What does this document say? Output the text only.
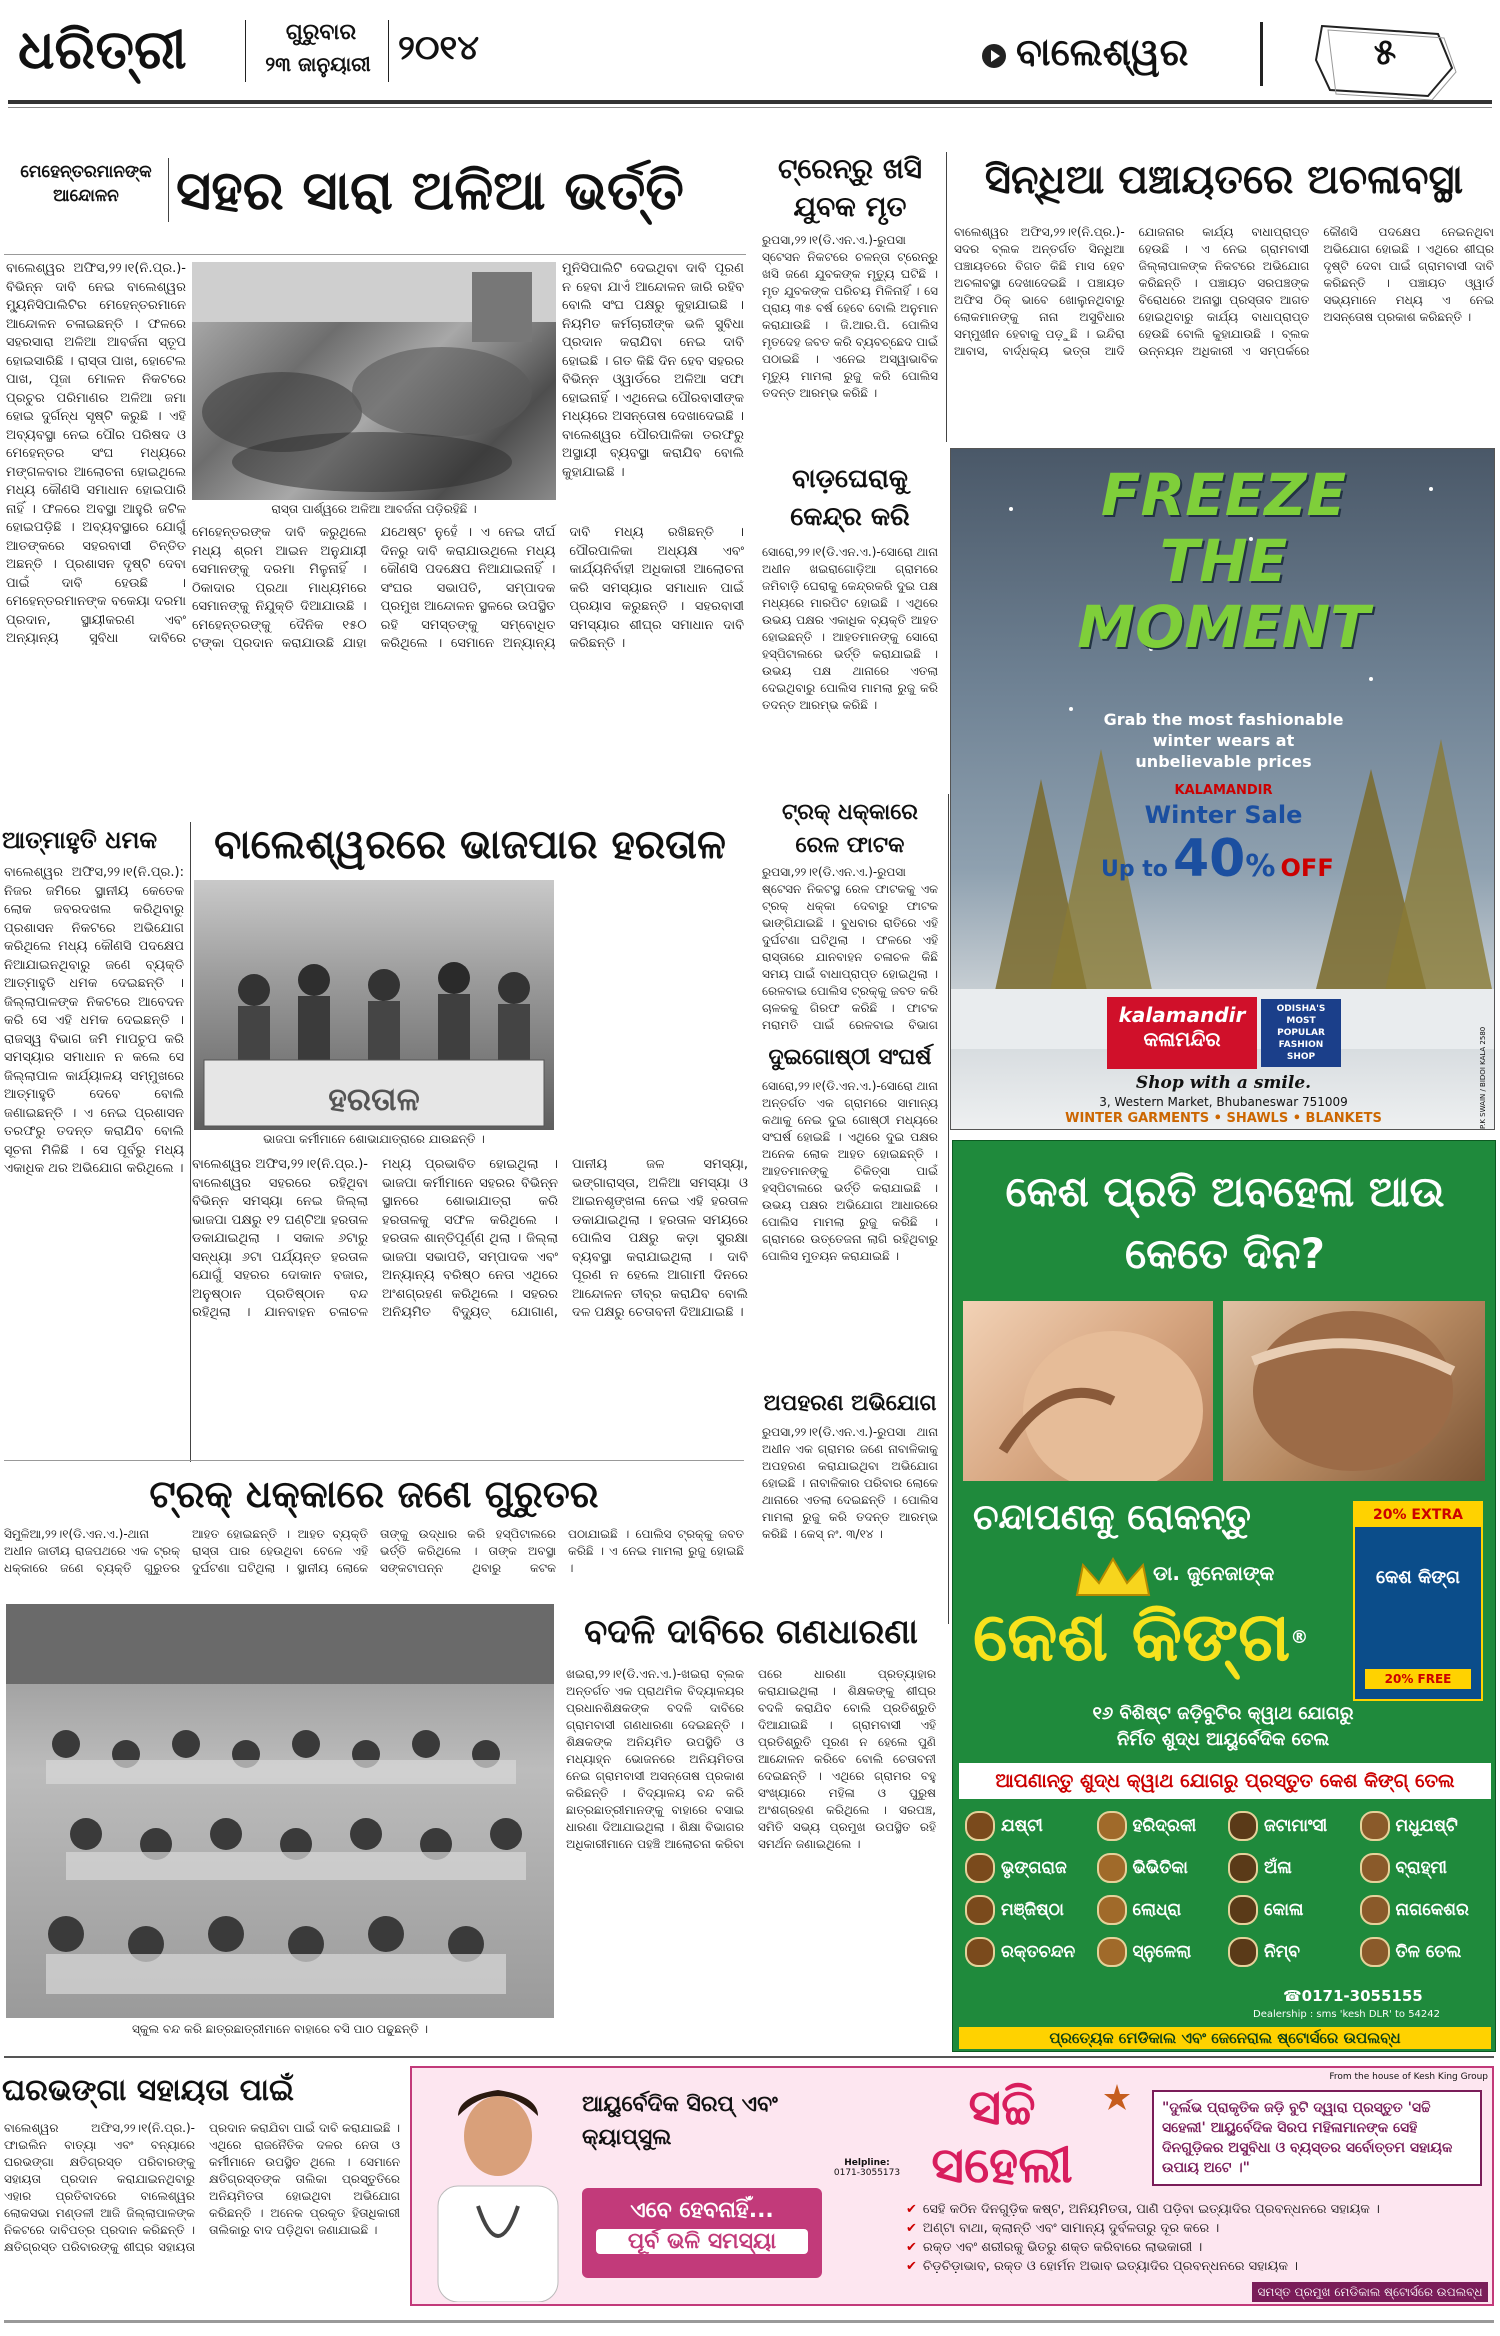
ଧରିତ୍ରୀ	ଗୁରୁବାର
୨୩ ଜାନୁୟାରୀ ୨୦୧୪	ବାଲେଶ୍ୱର	୫
ମେହେନ୍ତରମାନଙ୍କ ଆନ୍ଦୋଳନ	ସହର ସାରା ଅଳିଆ ଭର୍ତ୍ତି
ବାଲେଶ୍ୱର ଅଫିସ,୨୨।୧(ନି.ପ୍ର.)- ବିଭିନ୍ନ ଦାବି ନେଇ ବାଲେଶ୍ୱର ମ୍ୟୁନିସିପାଲିଟିର ମେହେନ୍ତରମାନେ ଆନ୍ଦୋଳନ ଚଳାଇଛନ୍ତି । ଫଳରେ ସହରସାରା ଅଳିଆ ଆବର୍ଜନା ସ୍ତୂପ ହୋଇସାରିଛି । ରାସ୍ତା ପାଖ, ହୋଟେଲ ପାଖ, ପୂଜା ମୋଳନ ନିକଟରେ ପ୍ରଚୁର ପରିମାଣର ଅଳିଆ ଜମା ହୋଇ ଦୁର୍ଗନ୍ଧ ସୃଷ୍ଟି କରୁଛି । ଏହି ଅବ୍ୟବସ୍ଥା ନେଇ ପୌର ପରିଷଦ ଓ ମେହେନ୍ତର ସଂଘ ମଧ୍ୟରେ ମଙ୍ଗଳବାର ଆଲୋଚନା ହୋଇଥିଲେ ମଧ୍ୟ କୌଣସି ସମାଧାନ ହୋଇପାରି ନାହିଁ । ଫଳରେ ଅବସ୍ଥା ଆହୁରି ଜଟିଳ ହୋଇପଡ଼ିଛି । ଅବ୍ୟବସ୍ଥାରେ ଯୋଗୁଁ ଆତଙ୍କରେ ସହରବାସୀ ଚିନ୍ତିତ ଅଛନ୍ତି । ପ୍ରଶାସନ ଦୃଷ୍ଟି ଦେବା ପାଇଁ ଦାବି ହେଉଛି । ମେହେନ୍ତରମାନଙ୍କ ବକେୟା ଦରମା ପ୍ରଦାନ, ସ୍ଥାୟୀକରଣ ଏବଂ ଅନ୍ୟାନ୍ୟ ସୁବିଧା ଦାବିରେ
ରାସ୍ତା ପାର୍ଶ୍ୱରେ ଅଳିଆ ଆବର୍ଜନା ପଡ଼ିରହିଛି ।
ମୁନିସିପାଲିଟି ଦେଇଥିବା ଦାବି ପୂରଣ ନ ହେବା ଯାଏଁ ଆନ୍ଦୋଳନ ଜାରି ରହିବ ବୋଲି ସଂଘ ପକ୍ଷରୁ କୁହାଯାଇଛି । ନିୟମିତ କର୍ମଚାରୀଙ୍କ ଭଳି ସୁବିଧା ପ୍ରଦାନ କରାଯିବା ନେଇ ଦାବି ହୋଇଛି । ଗତ କିଛି ଦିନ ହେବ ସହରର ବିଭିନ୍ନ ଓ୍ୱାର୍ଡରେ ଅଳିଆ ସଫା ହୋଇନାହିଁ । ଏଥିନେଇ ପୌରବାସୀଙ୍କ ମଧ୍ୟରେ ଅସନ୍ତୋଷ ଦେଖାଦେଇଛି । ବାଲେଶ୍ୱର ପୌରପାଳିକା ତରଫରୁ ଅସ୍ଥାୟୀ ବ୍ୟବସ୍ଥା କରାଯିବ ବୋଲି କୁହାଯାଇଛି ।
ମେହେନ୍ତରଙ୍କ ଦାବି କରୁଥିଲେ ମଧ୍ୟ ଶ୍ରମ ଆଇନ ଅନୁଯାୟୀ ସେମାନଙ୍କୁ ଦରମା ମିଳୁନାହିଁ । ଠିକାଦାର ପ୍ରଥା ମାଧ୍ୟମରେ ସେମାନଙ୍କୁ ନିଯୁକ୍ତି ଦିଆଯାଉଛି । ମେହେନ୍ତରଙ୍କୁ ଦୈନିକ ୧୫୦ ଟଙ୍କା ପ୍ରଦାନ କରାଯାଉଛି ଯାହା ଯଥେଷ୍ଟ ନୁହେଁ । ଏ ନେଇ ଦୀର୍ଘ ଦିନରୁ ଦାବି କରାଯାଉଥିଲେ ମଧ୍ୟ କୌଣସି ପଦକ୍ଷେପ ନିଆଯାଇନାହିଁ । ସଂଘର ସଭାପତି, ସମ୍ପାଦକ ପ୍ରମୁଖ ଆନ୍ଦୋଳନ ସ୍ଥଳରେ ଉପସ୍ଥିତ ରହି ସମସ୍ତଙ୍କୁ ସମ୍ବୋଧିତ କରିଥିଲେ । ସେମାନେ ଅନ୍ୟାନ୍ୟ ଦାବି ମଧ୍ୟ ରଖିଛନ୍ତି । ପୌରପାଳିକା ଅଧ୍ୟକ୍ଷ ଏବଂ କାର୍ଯ୍ୟନିର୍ବାହୀ ଅଧିକାରୀ ଆଲୋଚନା କରି ସମସ୍ୟାର ସମାଧାନ ପାଇଁ ପ୍ରୟାସ କରୁଛନ୍ତି । ସହରବାସୀ ସମସ୍ୟାର ଶୀଘ୍ର ସମାଧାନ ଦାବି କରିଛନ୍ତି ।
ଟ୍ରେନ୍‌ରୁ ଖସି ଯୁବକ ମୃତ
ରୁପସା,୨୨।୧(ଡି.ଏନ.ଏ.)-ରୁପସା ସ୍ଟେସନ ନିକଟରେ ଚଳନ୍ତା ଟ୍ରେନ୍‌ରୁ ଖସି ଜଣେ ଯୁବକଙ୍କ ମୃତ୍ୟୁ ଘଟିଛି । ମୃତ ଯୁବକଙ୍କ ପରିଚୟ ମିଳିନାହିଁ । ସେ ପ୍ରାୟ ୩୫ ବର୍ଷ ହେବେ ବୋଲି ଅନୁମାନ କରାଯାଉଛି । ଜି.ଆର.ପି. ପୋଲିସ ମୃତଦେହ ଜବତ କରି ବ୍ୟବଚ୍ଛେଦ ପାଇଁ ପଠାଇଛି । ଏନେଇ ଅସ୍ୱାଭାବିକ ମୃତ୍ୟୁ ମାମଲା ରୁଜୁ କରି ପୋଲିସ ତଦନ୍ତ ଆରମ୍ଭ କରିଛି ।
ସିନ୍ଧିଆ ପଞ୍ଚାୟତରେ ଅଚଳାବସ୍ଥା
ବାଲେଶ୍ୱର ଅଫିସ,୨୨।୧(ନି.ପ୍ର.)- ସଦର ବ୍ଲକ ଅନ୍ତର୍ଗତ ସିନ୍ଧିଆ ପଞ୍ଚାୟତରେ ବିଗତ କିଛି ମାସ ହେବ ଅଚଳାବସ୍ଥା ଦେଖାଦେଇଛି । ପଞ୍ଚାୟତ ଅଫିସ ଠିକ୍ ଭାବେ ଖୋଲୁନଥିବାରୁ ଲୋକମାନଙ୍କୁ ନାନା ଅସୁବିଧାର ସମ୍ମୁଖୀନ ହେବାକୁ ପଡ଼ୁଛି । ଇନ୍ଦିରା ଆବାସ, ବାର୍ଦ୍ଧକ୍ୟ ଭତ୍ତା ଆଦି ଯୋଜନାର କାର୍ଯ୍ୟ ବାଧାପ୍ରାପ୍ତ ହେଉଛି । ଏ ନେଇ ଗ୍ରାମବାସୀ ଜିଲ୍ଲାପାଳଙ୍କ ନିକଟରେ ଅଭିଯୋଗ କରିଛନ୍ତି । ପଞ୍ଚାୟତ ସରପଞ୍ଚଙ୍କ ବିରୋଧରେ ଅନାସ୍ଥା ପ୍ରସ୍ତାବ ଆଗତ ହୋଇଥିବାରୁ କାର୍ଯ୍ୟ ବାଧାପ୍ରାପ୍ତ ହେଉଛି ବୋଲି କୁହାଯାଉଛି । ବ୍ଲକ ଉନ୍ନୟନ ଅଧିକାରୀ ଏ ସମ୍ପର୍କରେ କୌଣସି ପଦକ୍ଷେପ ନେଇନଥିବା ଅଭିଯୋଗ ହୋଇଛି । ଏଥିରେ ଶୀଘ୍ର ଦୃଷ୍ଟି ଦେବା ପାଇଁ ଗ୍ରାମବାସୀ ଦାବି କରିଛନ୍ତି । ପଞ୍ଚାୟତ ଓ୍ୱାର୍ଡ ସଭ୍ୟମାନେ ମଧ୍ୟ ଏ ନେଇ ଅସନ୍ତୋଷ ପ୍ରକାଶ କରିଛନ୍ତି ।
ବାଡ଼ଘେରାକୁ କେନ୍ଦ୍ର କରି
ସୋରୋ,୨୨।୧(ଡି.ଏନ.ଏ.)-ସୋରୋ ଥାନା ଅଧୀନ ଖଇରାଗୋଡ଼ିଆ ଗ୍ରାମରେ ଜମିବାଡ଼ି ଘେରାକୁ କେନ୍ଦ୍ରକରି ଦୁଇ ପକ୍ଷ ମଧ୍ୟରେ ମାରପିଟ ହୋଇଛି । ଏଥିରେ ଉଭୟ ପକ୍ଷର ଏକାଧିକ ବ୍ୟକ୍ତି ଆହତ ହୋଇଛନ୍ତି । ଆହତମାନଙ୍କୁ ସୋରୋ ହସ୍ପିଟାଲରେ ଭର୍ତ୍ତି କରାଯାଇଛି । ଉଭୟ ପକ୍ଷ ଥାନାରେ ଏତଲା ଦେଇଥିବାରୁ ପୋଲିସ ମାମଲା ରୁଜୁ କରି ତଦନ୍ତ ଆରମ୍ଭ କରିଛି ।
FREEZE
THE
MOMENT
Grab the most fashionable winter wears at unbelievable prices
KALAMANDIR
Winter Sale
Up to 40% OFF
kalamandir
କଳାମନ୍ଦିର
ODISHA'S MOST POPULAR FASHION SHOP
Shop with a smile.
3, Western Market, Bhubaneswar 751009
WINTER GARMENTS • SHAWLS • BLANKETS	P.K SWAIN / BIDOI KALA 2580
ଆତ୍ମାହୁତି ଧମକ
ବାଲେଶ୍ୱର ଅଫିସ,୨୨।୧(ନି.ପ୍ର.): ନିଜର ଜମିରେ ସ୍ଥାନୀୟ କେତେକ ଲୋକ ଜବରଦଖଲ କରିଥିବାରୁ ପ୍ରଶାସନ ନିକଟରେ ଅଭିଯୋଗ କରିଥିଲେ ମଧ୍ୟ କୌଣସି ପଦକ୍ଷେପ ନିଆଯାଇନଥିବାରୁ ଜଣେ ବ୍ୟକ୍ତି ଆତ୍ମାହୁତି ଧମକ ଦେଇଛନ୍ତି । ଜିଲ୍ଲାପାଳଙ୍କ ନିକଟରେ ଆବେଦନ କରି ସେ ଏହି ଧମକ ଦେଇଛନ୍ତି । ରାଜସ୍ୱ ବିଭାଗ ଜମି ମାପଚୁପ କରି ସମସ୍ୟାର ସମାଧାନ ନ କଲେ ସେ ଜିଲ୍ଲାପାଳ କାର୍ଯ୍ୟାଳୟ ସମ୍ମୁଖରେ ଆତ୍ମାହୁତି ଦେବେ ବୋଲି ଜଣାଇଛନ୍ତି । ଏ ନେଇ ପ୍ରଶାସନ ତରଫରୁ ତଦନ୍ତ କରାଯିବ ବୋଲି ସୂଚନା ମିଳିଛି । ସେ ପୂର୍ବରୁ ମଧ୍ୟ ଏକାଧିକ ଥର ଅଭିଯୋଗ କରିଥିଲେ ।
ବାଲେଶ୍ୱରରେ ଭାଜପାର ହରତାଳ
ହରତାଳ
ଭାଜପା କର୍ମୀମାନେ ଶୋଭାଯାତ୍ରାରେ ଯାଉଛନ୍ତି ।
ବାଲେଶ୍ୱର ଅଫିସ,୨୨।୧(ନି.ପ୍ର.)- ବାଲେଶ୍ୱର ସହରରେ ରହିଥିବା ବିଭିନ୍ନ ସମସ୍ୟା ନେଇ ଜିଲ୍ଲା ଭାଜପା ପକ୍ଷରୁ ୧୨ ଘଣ୍ଟିଆ ହରତାଳ ଡକାଯାଇଥିଲା । ସକାଳ ୬ଟାରୁ ସନ୍ଧ୍ୟା ୬ଟା ପର୍ଯ୍ୟନ୍ତ ହରତାଳ ଯୋଗୁଁ ସହରର ଦୋକାନ ବଜାର, ଅନୁଷ୍ଠାନ ପ୍ରତିଷ୍ଠାନ ବନ୍ଦ ରହିଥିଲା । ଯାନବାହନ ଚଳାଚଳ ମଧ୍ୟ ପ୍ରଭାବିତ ହୋଇଥିଲା । ଭାଜପା କର୍ମୀମାନେ ସହରର ବିଭିନ୍ନ ସ୍ଥାନରେ ଶୋଭାଯାତ୍ରା କରି ହରତାଳକୁ ସଫଳ କରିଥିଲେ । ହରତାଳ ଶାନ୍ତିପୂର୍ଣ୍ଣ ଥିଲା । ଜିଲ୍ଲା ଭାଜପା ସଭାପତି, ସମ୍ପାଦକ ଏବଂ ଅନ୍ୟାନ୍ୟ ବରିଷ୍ଠ ନେତା ଏଥିରେ ଅଂଶଗ୍ରହଣ କରିଥିଲେ । ସହରର ଅନିୟମିତ ବିଦ୍ୟୁତ୍ ଯୋଗାଣ, ପାନୀୟ ଜଳ ସମସ୍ୟା, ଭଙ୍ଗାରାସ୍ତା, ଅଳିଆ ସମସ୍ୟା ଓ ଆଇନଶୃଙ୍ଖଳା ନେଇ ଏହି ହରତାଳ ଡକାଯାଇଥିଲା । ହରତାଳ ସମୟରେ ପୋଲିସ ପକ୍ଷରୁ କଡ଼ା ସୁରକ୍ଷା ବ୍ୟବସ୍ଥା କରାଯାଇଥିଲା । ଦାବି ପୂରଣ ନ ହେଲେ ଆଗାମୀ ଦିନରେ ଆନ୍ଦୋଳନ ତୀବ୍ର କରାଯିବ ବୋଲି ଦଳ ପକ୍ଷରୁ ଚେତାବନୀ ଦିଆଯାଇଛି ।
ଟ୍ରକ୍ ଧକ୍କାରେ ରେଳ ଫାଟକ
ରୁପସା,୨୨।୧(ଡି.ଏନ.ଏ.)-ରୁପସା ଷ୍ଟେସନ ନିକଟସ୍ଥ ରେଳ ଫାଟକକୁ ଏକ ଟ୍ରକ୍ ଧକ୍କା ଦେବାରୁ ଫାଟକ ଭାଙ୍ଗିଯାଇଛି । ବୁଧବାର ରାତିରେ ଏହି ଦୁର୍ଘଟଣା ଘଟିଥିଲା । ଫଳରେ ଏହି ରାସ୍ତାରେ ଯାନବାହନ ଚଳାଚଳ କିଛି ସମୟ ପାଇଁ ବାଧାପ୍ରାପ୍ତ ହୋଇଥିଲା । ରେଳବାଇ ପୋଲିସ ଟ୍ରକ୍‌କୁ ଜବତ କରି ଚାଳକକୁ ଗିରଫ କରିଛି । ଫାଟକ ମରାମତି ପାଇଁ ରେଳବାଇ ବିଭାଗ
ଦୁଇଗୋଷ୍ଠୀ ସଂଘର୍ଷ
ସୋରୋ,୨୨।୧(ଡି.ଏନ.ଏ.)-ସୋରୋ ଥାନା ଅନ୍ତର୍ଗତ ଏକ ଗ୍ରାମରେ ସାମାନ୍ୟ କଥାକୁ ନେଇ ଦୁଇ ଗୋଷ୍ଠୀ ମଧ୍ୟରେ ସଂଘର୍ଷ ହୋଇଛି । ଏଥିରେ ଦୁଇ ପକ୍ଷର ଅନେକ ଲୋକ ଆହତ ହୋଇଛନ୍ତି । ଆହତମାନଙ୍କୁ ଚିକିତ୍ସା ପାଇଁ ହସ୍ପିଟାଲରେ ଭର୍ତ୍ତି କରାଯାଇଛି । ଉଭୟ ପକ୍ଷର ଅଭିଯୋଗ ଆଧାରରେ ପୋଲିସ ମାମଲା ରୁଜୁ କରିଛି । ଗ୍ରାମରେ ଉତ୍ତେଜନା ଲାଗି ରହିଥିବାରୁ ପୋଲିସ ମୁତୟନ କରାଯାଇଛି ।
ଅପହରଣ ଅଭିଯୋଗ
ରୁପସା,୨୨।୧(ଡି.ଏନ.ଏ.)-ରୁପସା ଥାନା ଅଧୀନ ଏକ ଗ୍ରାମର ଜଣେ ନାବାଳିକାକୁ ଅପହରଣ କରାଯାଇଥିବା ଅଭିଯୋଗ ହୋଇଛି । ନାବାଳିକାର ପରିବାର ଲୋକେ ଥାନାରେ ଏତଲା ଦେଇଛନ୍ତି । ପୋଲିସ ମାମଲା ରୁଜୁ କରି ତଦନ୍ତ ଆରମ୍ଭ କରିଛି । କେସ୍ ନଂ. ୩/୧୪ ।
କେଶ ପ୍ରତି ଅବହେଳା ଆଉ କେତେ ଦିନ?
ଚନ୍ଦାପଣକୁ ରୋକନ୍ତୁ
ଡା. ଜୁନେଜାଙ୍କ
କେଶ କିଙ୍ଗ®
20% EXTRA
କେଶ କିଙ୍ଗ
20% FREE
୧୬ ବିଶିଷ୍ଟ ଜଡ଼ିବୁଟିର କ୍ୱାଥ ଯୋଗରୁ
ନିର୍ମିତ ଶୁଦ୍ଧ ଆୟୁର୍ବେଦିକ ତେଲ
ଆପଣାନ୍ତୁ ଶୁଦ୍ଧ କ୍ୱାଥ ଯୋଗରୁ ପ୍ରସ୍ତୁତ କେଶ କିଙ୍ଗ୍ ତେଲ
ଯଷ୍ଟୀ	ହରିଦ୍ରକୀ	ଜଟାମାଂସୀ	ମଧୁଯଷ୍ଟି
ଭୃଙ୍ଗରାଜ	ଭିଭିତିକା	ଅଁଳା	ବ୍ରାହ୍ମୀ
ମଞ୍ଜିଷ୍ଠା	ଲୋଧ୍ରା	କୋଳା	ନାଗକେଶର
ରକ୍ତଚନ୍ଦନ	ସ୍ନୁଳେଲା	ନିମ୍ବ	ତିଳ ତେଲ
☎0171-3055155
Dealership : sms 'kesh DLR' to 54242
ପ୍ରତ୍ୟେକ ମେଡିକାଲ ଏବଂ ଜେନେରାଲ ଷ୍ଟୋର୍ସରେ ଉପଲବ୍ଧ
ଟ୍ରକ୍ ଧକ୍କାରେ ଜଣେ ଗୁରୁତର
ସିମୁଳିଆ,୨୨।୧(ଡି.ଏନ.ଏ.)-ଥାନା ଅଧୀନ ଜାତୀୟ ରାଜପଥରେ ଏକ ଟ୍ରକ୍ ଧକ୍କାରେ ଜଣେ ବ୍ୟକ୍ତି ଗୁରୁତର ଆହତ ହୋଇଛନ୍ତି । ଆହତ ବ୍ୟକ୍ତି ରାସ୍ତା ପାର ହେଉଥିବା ବେଳେ ଏହି ଦୁର୍ଘଟଣା ଘଟିଥିଲା । ସ୍ଥାନୀୟ ଲୋକେ ତାଙ୍କୁ ଉଦ୍ଧାର କରି ହସ୍ପିଟାଲରେ ଭର୍ତ୍ତି କରିଥିଲେ । ତାଙ୍କ ଅବସ୍ଥା ସଙ୍କଟାପନ୍ନ ଥିବାରୁ କଟକ ପଠାଯାଇଛି । ପୋଲିସ ଟ୍ରକ୍‌କୁ ଜବତ କରିଛି । ଏ ନେଇ ମାମଲା ରୁଜୁ ହୋଇଛି ।
ସ୍କୁଲ ବନ୍ଦ କରି ଛାତ୍ରଛାତ୍ରୀମାନେ ବାହାରେ ବସି ପାଠ ପଢୁଛନ୍ତି ।
ବଦଳି ଦାବିରେ ଗଣଧାରଣା
ଖଇରା,୨୨।୧(ଡି.ଏନ.ଏ.)-ଖଇରା ବ୍ଲକ ଅନ୍ତର୍ଗତ ଏକ ପ୍ରାଥମିକ ବିଦ୍ୟାଳୟର ପ୍ରଧାନଶିକ୍ଷକଙ୍କ ବଦଳି ଦାବିରେ ଗ୍ରାମବାସୀ ଗଣଧାରଣା ଦେଇଛନ୍ତି । ଶିକ୍ଷକଙ୍କ ଅନିୟମିତ ଉପସ୍ଥିତି ଓ ମଧ୍ୟାହ୍ନ ଭୋଜନରେ ଅନିୟମିତତା ନେଇ ଗ୍ରାମବାସୀ ଅସନ୍ତୋଷ ପ୍ରକାଶ କରିଛନ୍ତି । ବିଦ୍ୟାଳୟ ବନ୍ଦ କରି ଛାତ୍ରଛାତ୍ରୀମାନଙ୍କୁ ବାହାରେ ବସାଇ ଧାରଣା ଦିଆଯାଇଥିଲା । ଶିକ୍ଷା ବିଭାଗର ଅଧିକାରୀମାନେ ପହଞ୍ଚି ଆଲୋଚନା କରିବା ପରେ ଧାରଣା ପ୍ରତ୍ୟାହାର କରାଯାଇଥିଲା । ଶିକ୍ଷକଙ୍କୁ ଶୀଘ୍ର ବଦଳି କରାଯିବ ବୋଲି ପ୍ରତିଶ୍ରୁତି ଦିଆଯାଇଛି । ଗ୍ରାମବାସୀ ଏହି ପ୍ରତିଶ୍ରୁତି ପୂରଣ ନ ହେଲେ ପୁଣି ଆନ୍ଦୋଳନ କରିବେ ବୋଲି ଚେତାବନୀ ଦେଇଛନ୍ତି । ଏଥିରେ ଗ୍ରାମର ବହୁ ସଂଖ୍ୟାରେ ମହିଳା ଓ ପୁରୁଷ ଅଂଶଗ୍ରହଣ କରିଥିଲେ । ସରପଞ୍ଚ, ସମିତି ସଭ୍ୟ ପ୍ରମୁଖ ଉପସ୍ଥିତ ରହି ସମର୍ଥନ ଜଣାଇଥିଲେ ।
ଘରଭଙ୍ଗା ସହାୟତା ପାଇଁ
ବାଲେଶ୍ୱର ଅଫିସ,୨୨।୧(ନି.ପ୍ର.)- ଫାଇଲିନ ବାତ୍ୟା ଏବଂ ବନ୍ୟାରେ ଘରଭଙ୍ଗା କ୍ଷତିଗ୍ରସ୍ତ ପରିବାରଙ୍କୁ ସହାୟତା ପ୍ରଦାନ କରାଯାଇନଥିବାରୁ ଏହାର ପ୍ରତିବାଦରେ ବାଲେଶ୍ୱର ଲୋକସଭା ମଣ୍ଡଳୀ ଆଜି ଜିଲ୍ଲାପାଳଙ୍କ ନିକଟରେ ଦାବିପତ୍ର ପ୍ରଦାନ କରିଛନ୍ତି । କ୍ଷତିଗ୍ରସ୍ତ ପରିବାରଙ୍କୁ ଶୀଘ୍ର ସହାୟତା ପ୍ରଦାନ କରାଯିବା ପାଇଁ ଦାବି କରାଯାଇଛି । ଏଥିରେ ରାଜନୈତିକ ଦଳର ନେତା ଓ କର୍ମୀମାନେ ଉପସ୍ଥିତ ଥିଲେ । ସେମାନେ କ୍ଷତିଗ୍ରସ୍ତଙ୍କ ତାଲିକା ପ୍ରସ୍ତୁତିରେ ଅନିୟମିତତା ହୋଇଥିବା ଅଭିଯୋଗ କରିଛନ୍ତି । ଅନେକ ପ୍ରକୃତ ହିତାଧିକାରୀ ତାଲିକାରୁ ବାଦ ପଡ଼ିଥିବା ଜଣାଯାଇଛି ।
ଆୟୁର୍ବେଦିକ ସିରପ୍ ଏବଂ କ୍ୟାପ୍‌ସୁଲ
ଏବେ ହେବନାହିଁ...
ପୂର୍ବ ଭଳି ସମସ୍ୟା
Helpline:
0171-3055173
ସଚ୍ଚି
ସହେଲୀ
From the house of Kesh King Group
"ଦୁର୍ଲଭ ପ୍ରାକୃତିକ ଜଡ଼ି ବୁଟି ଦ୍ୱାରା ପ୍ରସ୍ତୁତ 'ସଚ୍ଚି ସହେଲୀ' ଆୟୁର୍ବେଦିକ ସିରପ ମହିଳାମାନଙ୍କ ସେହି ଦିନଗୁଡ଼ିକର ଅସୁବିଧା ଓ ବ୍ୟସ୍ତର ସର୍ବୋତ୍ତମ ସହାୟକ ଉପାୟ ଅଟେ ।"
✔ ସେହି କଠିନ ଦିନଗୁଡ଼ିକ କଷ୍ଟ, ଅନିୟମିତତା, ପାଣି ପଡ଼ିବା ଇତ୍ୟାଦିର ପ୍ରବନ୍ଧନରେ ସହାୟକ ।
✔ ଅଣ୍ଟା ବାଥା, କ୍ଲାନ୍ତି ଏବଂ ସାମାନ୍ୟ ଦୁର୍ବଳତାରୁ ଦୂର କରେ ।
✔ ରକ୍ତ ଏବଂ ଶରୀରକୁ ଭିତରୁ ଶକ୍ତ କରିବାରେ ଲାଭକାରୀ ।
✔ ଚିଡ଼ଚିଡ଼ାଭାବ, ରକ୍ତ ଓ ହୋର୍ମନ ଅଭାବ ଇତ୍ୟାଦିର ପ୍ରବନ୍ଧନରେ ସହାୟକ ।
ସମସ୍ତ ପ୍ରମୁଖ ମେଡିକାଲ ଷ୍ଟୋର୍ସରେ ଉପଲବ୍ଧ
